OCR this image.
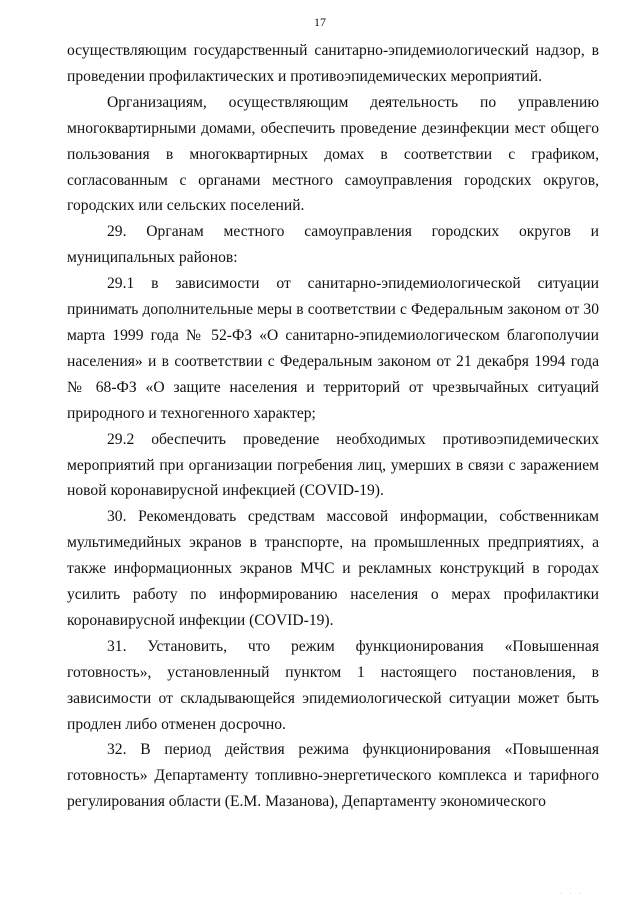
17

осуществляющим государственный санитарно-эпидемиологический надзор, в проведении профилактических и противоэпидемических мероприятий.

Организациям, осуществляющим деятельность по управлению многоквартирными домами, обеспечить проведение дезинфекции мест общего пользования в многоквартирных домах в соответствии с графиком, согласованным с органами местного самоуправления городских округов, городских или сельских поселений.

29. Органам местного самоуправления городских округов и муниципальных районов:

29.1 в зависимости от санитарно-эпидемиологической ситуации принимать дополнительные меры в соответствии с Федеральным законом от 30 марта 1999 года № 52-ФЗ «О санитарно-эпидемиологическом благополучии населения» и в соответствии с Федеральным законом от 21 декабря 1994 года № 68-ФЗ «О защите населения и территорий от чрезвычайных ситуаций природного и техногенного характер;

29.2 обеспечить проведение необходимых противоэпидемических мероприятий при организации погребения лиц, умерших в связи с заражением новой коронавирусной инфекцией (COVID-19).

30. Рекомендовать средствам массовой информации, собственникам мультимедийных экранов в транспорте, на промышленных предприятиях, а также информационных экранов МЧС и рекламных конструкций в городах усилить работу по информированию населения о мерах профилактики коронавирусной инфекции (COVID-19).

31. Установить, что режим функционирования «Повышенная готовность», установленный пунктом 1 настоящего постановления, в зависимости от складывающейся эпидемиологической ситуации может быть продлен либо отменен досрочно.

32. В период действия режима функционирования «Повышенная готовность» Департаменту топливно-энергетического комплекса и тарифного регулирования области (Е.М. Мазанова), Департаменту экономического

· · ·
